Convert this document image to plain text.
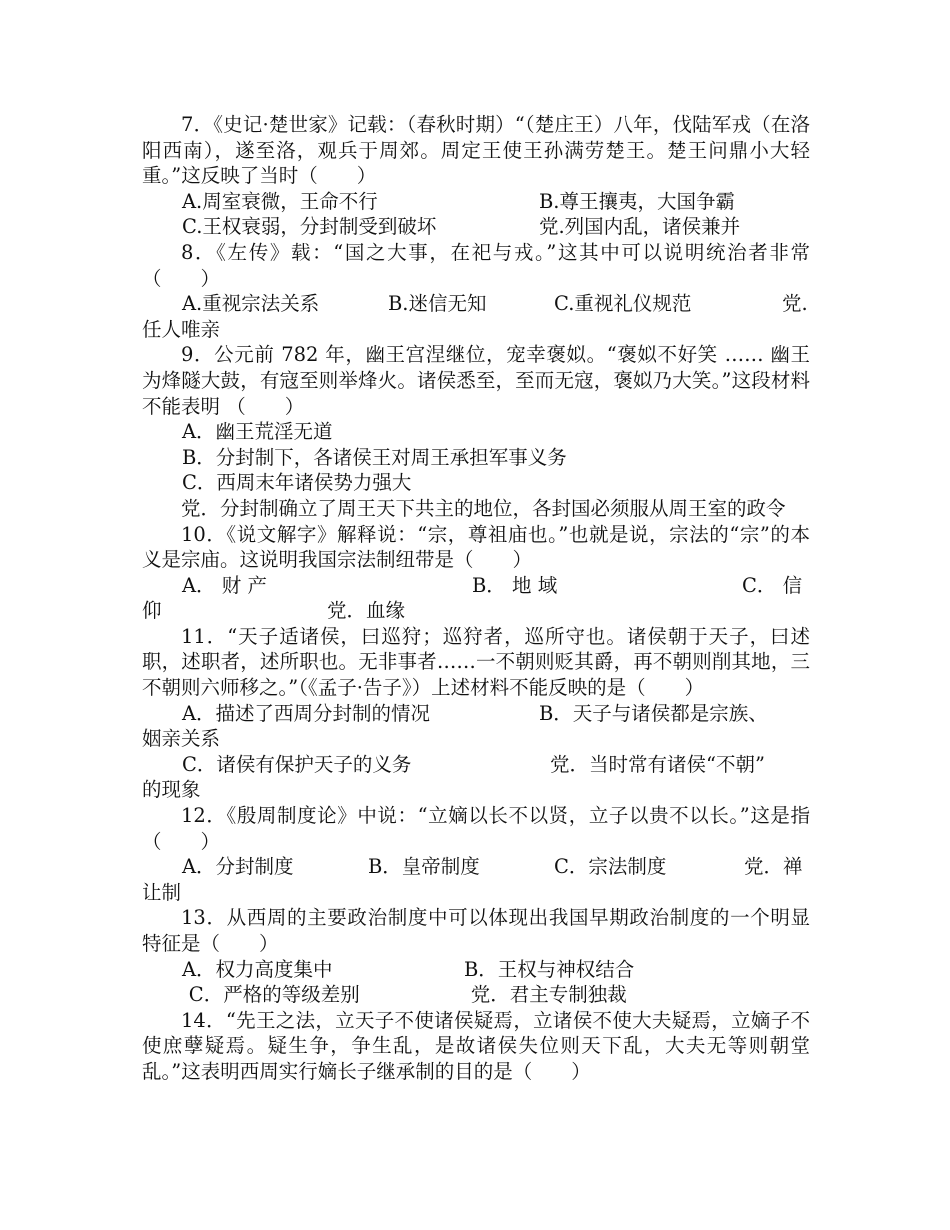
7．《史记·楚世家》记载：（春秋时期）“（楚庄王）八年，伐陆军戎（在洛阳西南），遂至洛，观兵于周郊。周定王使王孙满劳楚王。楚王问鼎小大轻重。”这反映了当时（　　）

A.周室衰微，王命不行	B.尊王攘夷，大国争霸
C.王权衰弱，分封制受到破坏	党.列国内乱，诸侯兼并

8．《左传》载：“国之大事，在祀与戎。”这其中可以说明统治者非常（　　）

A.重视宗法关系	B.迷信无知	C.重视礼仪规范	党.

任人唯亲

9．公元前 782 年，幽王宫涅继位，宠幸褒姒。“褒姒不好笑 …… 幽王为烽隧大鼓，有寇至则举烽火。诸侯悉至，至而无寇，褒姒乃大笑。”这段材料不能表明 （　　）

A．幽王荒淫无道

B．分封制下，各诸侯王对周王承担军事义务

C．西周末年诸侯势力强大

党．分封制确立了周王天下共主的地位，各封国必须服从周王室的政令

10．《说文解字》解释说：“宗，尊祖庙也。”也就是说，宗法的“宗”的本义是宗庙。这说明我国宗法制纽带是（　　）

A． 财 产	B． 地 域	C． 信
仰	党．血缘

11．“天子适诸侯，曰巡狩；巡狩者，巡所守也。诸侯朝于天子，曰述职，述职者，述所职也。无非事者……一不朝则贬其爵，再不朝则削其地，三不朝则六师移之。”（《孟子·告子》）上述材料不能反映的是（　　）

A．描述了西周分封制的情况	B．天子与诸侯都是宗族、

姻亲关系

C．诸侯有保护天子的义务	党．当时常有诸侯“不朝”

的现象

12．《殷周制度论》中说：“立嫡以长不以贤，立子以贵不以长。”这是指（　　）

A．分封制度	B．皇帝制度	C．宗法制度	党．禅

让制

13．从西周的主要政治制度中可以体现出我国早期政治制度的一个明显特征是（　　）

A．权力高度集中	B．王权与神权结合
C．严格的等级差别	党．君主专制独裁

14．“先王之法，立天子不使诸侯疑焉，立诸侯不使大夫疑焉，立嫡子不使庶孽疑焉。疑生争，争生乱，是故诸侯失位则天下乱，大夫无等则朝堂乱。”这表明西周实行嫡长子继承制的目的是（　　）
